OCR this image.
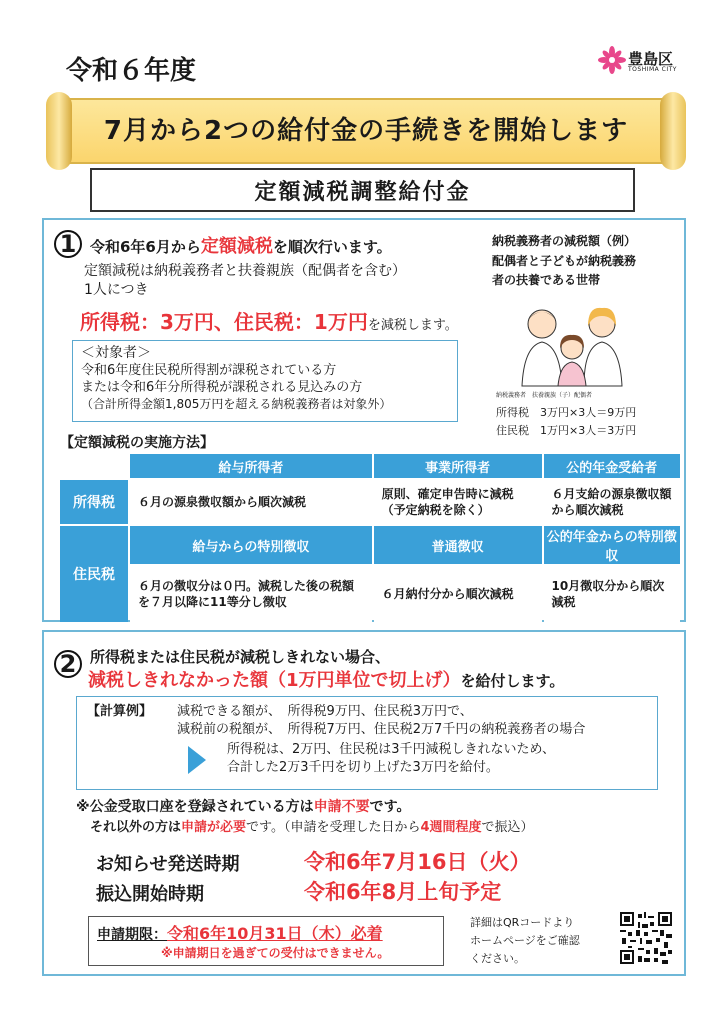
令和６年度	豊島区
TOSHIMA CITY
7月から2つの給付金の手続きを開始します
定額減税調整給付金
1 令和6年6月から定額減税を順次行います。
定額減税は納税義務者と扶養親族（配偶者を含む）
1人につき
所得税：3万円、住民税：1万円を減税します。
＜対象者＞
令和6年度住民税所得割が課税されている方
または令和6年分所得税が課税される見込みの方
（合計所得金額1,805万円を超える納税義務者は対象外）
納税義務者の減税額（例）
配偶者と子どもが納税義務
者の扶養である世帯
納税義務者　扶養親族（子）配偶者
所得税　3万円×3人＝9万円
住民税　1万円×3人＝3万円
【定額減税の実施方法】
	給与所得者	事業所得者	公的年金受給者
所得税	６月の源泉徴収額から順次減税	原則、確定申告時に減税（予定納税を除く）	６月支給の源泉徴収額から順次減税
住民税	給与からの特別徴収	普通徴収	公的年金からの特別徴収
	６月の徴収分は０円。減税した後の税額を７月以降に11等分し徴収	６月納付分から順次減税	10月徴収分から順次減税
2 所得税または住民税が減税しきれない場合、
減税しきれなかった額（1万円単位で切上げ）を給付します。
【計算例】 減税できる額が、　所得税9万円、住民税3万円で、
減税前の税額が、　所得税7万円、住民税2万7千円の納税義務者の場合
所得税は、2万円、住民税は3千円減税しきれないため、
合計した2万3千円を切り上げた3万円を給付。
※公金受取口座を登録されている方は申請不要です。
それ以外の方は申請が必要です。（申請を受理した日から4週間程度で振込）
お知らせ発送時期	令和6年7月16日（火）
振込開始時期	令和6年8月上旬予定
申請期限：令和6年10月31日（木）必着
※申請期日を過ぎての受付はできません。
詳細はQRコードより
ホームページをご確認
ください。
